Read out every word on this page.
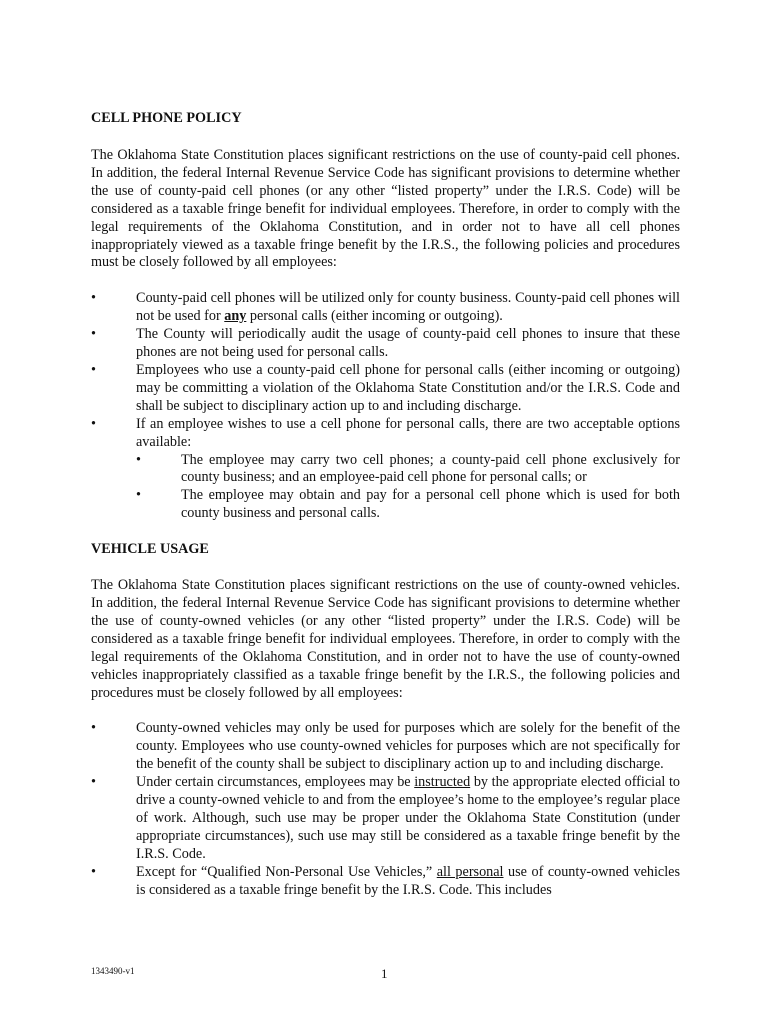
CELL PHONE POLICY

The Oklahoma State Constitution places significant restrictions on the use of county-paid cell phones. In addition, the federal Internal Revenue Service Code has significant provisions to determine whether the use of county-paid cell phones (or any other “listed property” under the I.R.S. Code) will be considered as a taxable fringe benefit for individual employees. Therefore, in order to comply with the legal requirements of the Oklahoma Constitution, and in order not to have all cell phones inappropriately viewed as a taxable fringe benefit by the I.R.S., the following policies and procedures must be closely followed by all employees:

•	County-paid cell phones will be utilized only for county business. County-paid cell phones will not be used for any personal calls (either incoming or outgoing).
•	The County will periodically audit the usage of county-paid cell phones to insure that these phones are not being used for personal calls.
•	Employees who use a county-paid cell phone for personal calls (either incoming or outgoing) may be committing a violation of the Oklahoma State Constitution and/or the I.R.S. Code and shall be subject to disciplinary action up to and including discharge.
•	If an employee wishes to use a cell phone for personal calls, there are two acceptable options available:
•	The employee may carry two cell phones; a county-paid cell phone exclusively for county business; and an employee-paid cell phone for personal calls; or
•	The employee may obtain and pay for a personal cell phone which is used for both county business and personal calls.

VEHICLE USAGE

The Oklahoma State Constitution places significant restrictions on the use of county-owned vehicles. In addition, the federal Internal Revenue Service Code has significant provisions to determine whether the use of county-owned vehicles (or any other “listed property” under the I.R.S. Code) will be considered as a taxable fringe benefit for individual employees. Therefore, in order to comply with the legal requirements of the Oklahoma Constitution, and in order not to have the use of county-owned vehicles inappropriately classified as a taxable fringe benefit by the I.R.S., the following policies and procedures must be closely followed by all employees:

•	County-owned vehicles may only be used for purposes which are solely for the benefit of the county. Employees who use county-owned vehicles for purposes which are not specifically for the benefit of the county shall be subject to disciplinary action up to and including discharge.
•	Under certain circumstances, employees may be instructed by the appropriate elected official to drive a county-owned vehicle to and from the employee’s home to the employee’s regular place of work. Although, such use may be proper under the Oklahoma State Constitution (under appropriate circumstances), such use may still be considered as a taxable fringe benefit by the I.R.S. Code.
•	Except for “Qualified Non-Personal Use Vehicles,” all personal use of county-owned vehicles is considered as a taxable fringe benefit by the I.R.S. Code. This includes
1343490-v1	1
